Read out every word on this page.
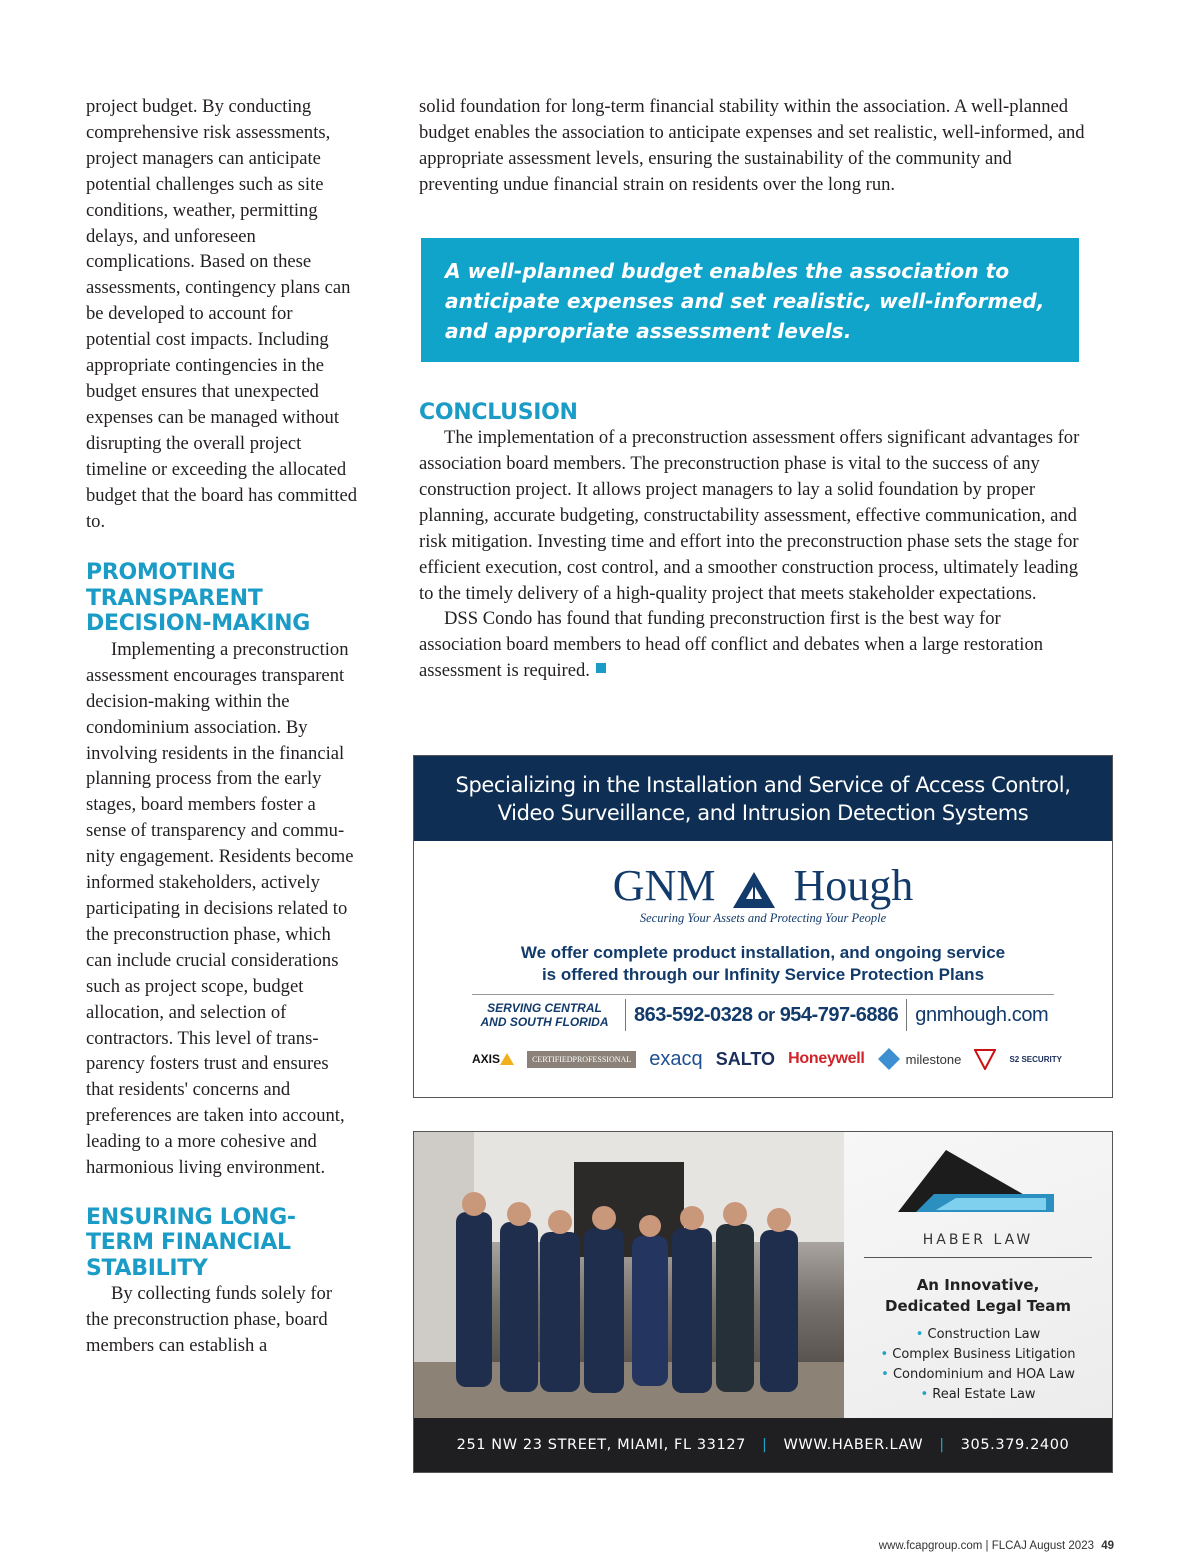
project budget. By conducting comprehensive risk assessments, project managers can anticipate potential challenges such as site conditions, weather, permitting delays, and unforeseen complications. Based on these assessments, contingency plans can be developed to account for potential cost impacts. Including appropriate contingencies in the budget ensures that unexpected expenses can be managed without disrupting the overall project timeline or exceeding the allocated budget that the board has committed to.

PROMOTING TRANSPARENT DECISION-MAKING

Implementing a preconstruction assessment encourages transparent decision-making within the condominium association. By involving residents in the financial planning process from the early stages, board members foster a sense of transparency and community engagement. Residents become informed stakeholders, actively participating in decisions related to the preconstruction phase, which can include crucial considerations such as project scope, budget allocation, and selection of contractors. This level of transparency fosters trust and ensures that residents' concerns and preferences are taken into account, leading to a more cohesive and harmonious living environment.

ENSURING LONG-TERM FINANCIAL STABILITY

By collecting funds solely for the preconstruction phase, board members can establish a

solid foundation for long-term financial stability within the association. A well-planned budget enables the association to anticipate expenses and set realistic, well-informed, and appropriate assessment levels, ensuring the sustainability of the community and preventing undue financial strain on residents over the long run.

A well-planned budget enables the association to anticipate expenses and set realistic, well-informed, and appropriate assessment levels.
CONCLUSION

The implementation of a preconstruction assessment offers significant advantages for association board members. The preconstruction phase is vital to the success of any construction project. It allows project managers to lay a solid foundation by proper planning, accurate budgeting, constructability assessment, effective communication, and risk mitigation. Investing time and effort into the preconstruction phase sets the stage for efficient execution, cost control, and a smoother construction process, ultimately leading to the timely delivery of a high-quality project that meets stakeholder expectations.

DSS Condo has found that funding preconstruction first is the best way for association board members to head off conflict and debates when a large restoration assessment is required.

Specializing in the Installation and Service of Access Control,
Video Surveillance, and Intrusion Detection Systems
GNM Hough
Securing Your Assets and Protecting Your People
We offer complete product installation, and ongoing service
is offered through our Infinity Service Protection Plans
SERVING CENTRAL
AND SOUTH FLORIDA	863-592-0328 or 954-797-6886 gnmhough.com
AXIS	CERTIFIED PROFESSIONAL exacq SALTO Honeywell	milestone	S2 SECURITY
HABER LAW
An Innovative,
Dedicated Legal Team
• Construction Law
• Complex Business Litigation
• Condominium and HOA Law
• Real Estate Law
251 NW 23 STREET, MIAMI, FL 33127 | WWW.HABER.LAW | 305.379.2400
www.fcapgroup.com | FLCAJ August 2023 49
